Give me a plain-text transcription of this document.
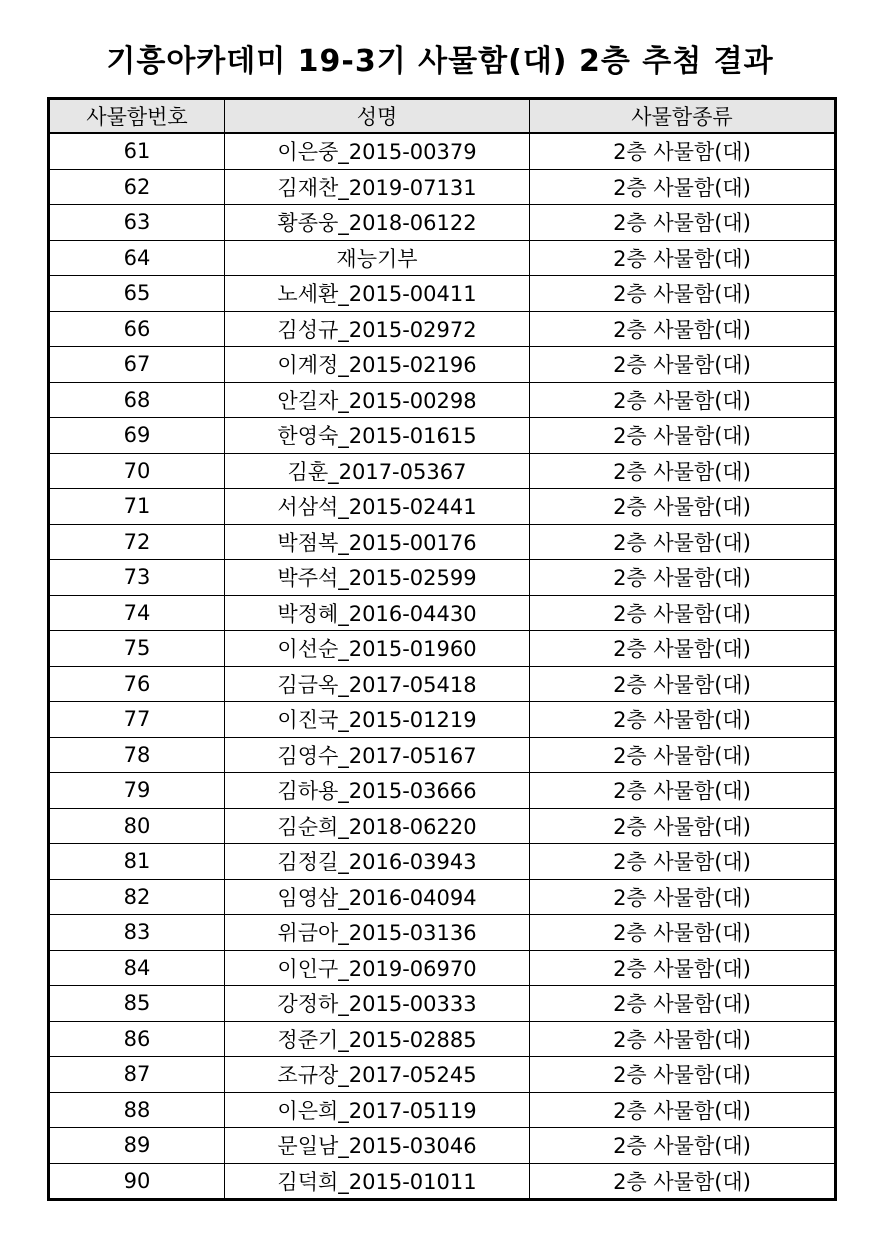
기흥아카데미 19-3기 사물함(대) 2층 추첨 결과
사물함번호	성명	사물함종류
61	이은중_2015-00379	2층 사물함(대)
62	김재찬_2019-07131	2층 사물함(대)
63	황종웅_2018-06122	2층 사물함(대)
64	재능기부	2층 사물함(대)
65	노세환_2015-00411	2층 사물함(대)
66	김성규_2015-02972	2층 사물함(대)
67	이계정_2015-02196	2층 사물함(대)
68	안길자_2015-00298	2층 사물함(대)
69	한영숙_2015-01615	2층 사물함(대)
70	김훈_2017-05367	2층 사물함(대)
71	서삼석_2015-02441	2층 사물함(대)
72	박점복_2015-00176	2층 사물함(대)
73	박주석_2015-02599	2층 사물함(대)
74	박정혜_2016-04430	2층 사물함(대)
75	이선순_2015-01960	2층 사물함(대)
76	김금옥_2017-05418	2층 사물함(대)
77	이진국_2015-01219	2층 사물함(대)
78	김영수_2017-05167	2층 사물함(대)
79	김하용_2015-03666	2층 사물함(대)
80	김순희_2018-06220	2층 사물함(대)
81	김정길_2016-03943	2층 사물함(대)
82	임영삼_2016-04094	2층 사물함(대)
83	위금아_2015-03136	2층 사물함(대)
84	이인구_2019-06970	2층 사물함(대)
85	강정하_2015-00333	2층 사물함(대)
86	정준기_2015-02885	2층 사물함(대)
87	조규장_2017-05245	2층 사물함(대)
88	이은희_2017-05119	2층 사물함(대)
89	문일남_2015-03046	2층 사물함(대)
90	김덕희_2015-01011	2층 사물함(대)
